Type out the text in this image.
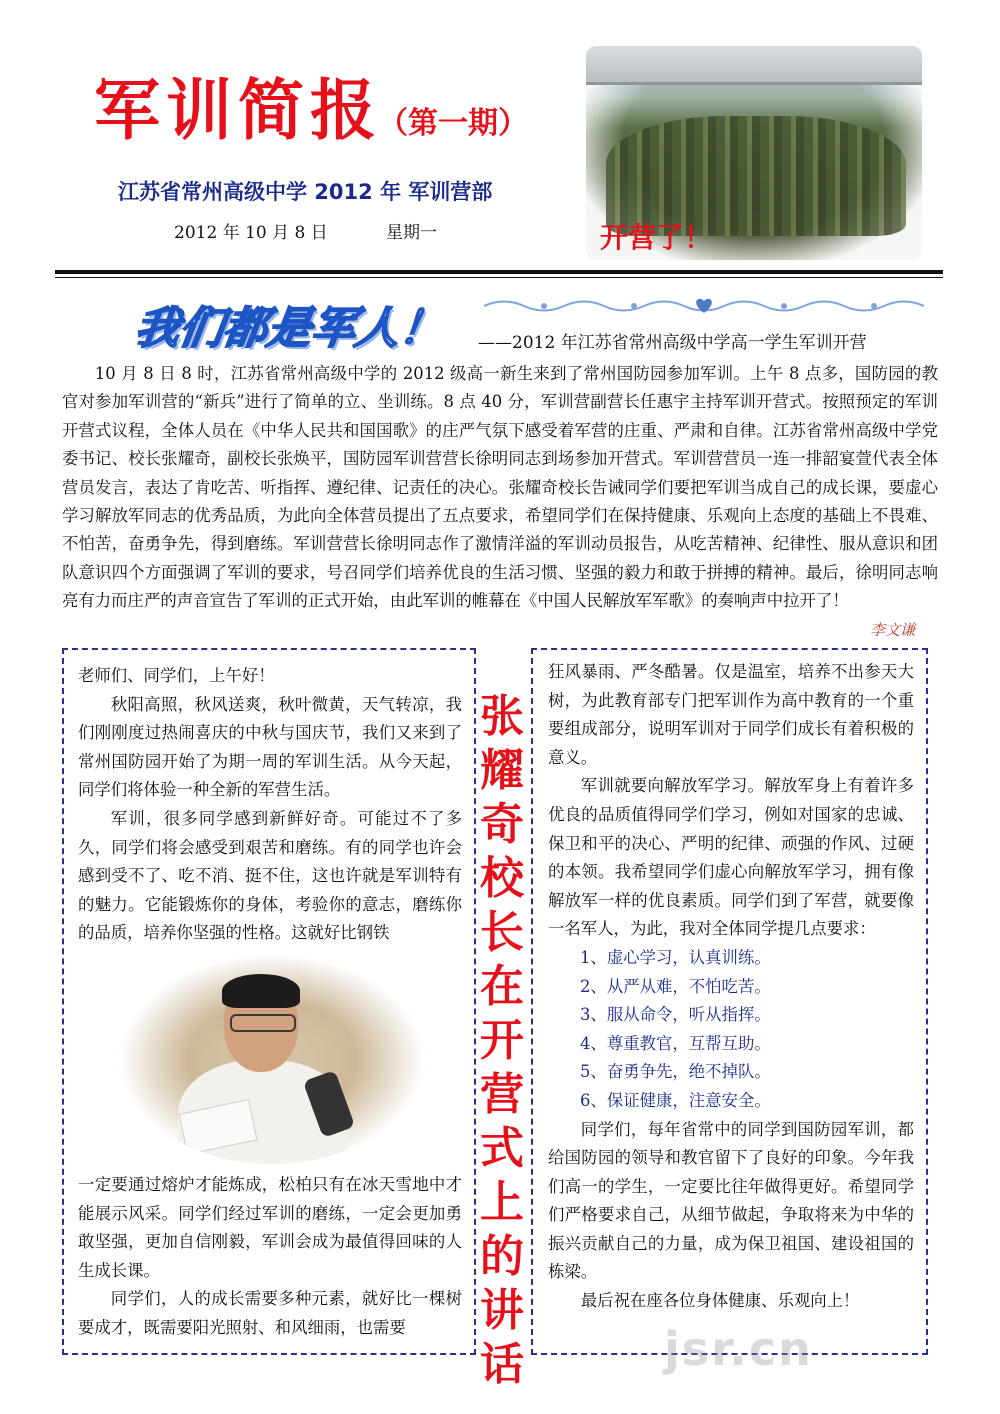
军训简报
（第一期）
江苏省常州高级中学 2012 年 军训营部
2012 年 10 月 8 日	星期一	开营了！
我们都是军人！ ——2012 年江苏省常州高级中学高一学生军训开营
10 月 8 日 8 时，江苏省常州高级中学的 2012 级高一新生来到了常州国防园参加军训。上午 8 点多，国防园的教官对参加军训营的“新兵”进行了简单的立、坐训练。8 点 40 分，军训营副营长任惠宇主持军训开营式。按照预定的军训开营式议程，全体人员在《中华人民共和国国歌》的庄严气氛下感受着军营的庄重、严肃和自律。江苏省常州高级中学党委书记、校长张耀奇，副校长张焕平，国防园军训营营长徐明同志到场参加开营式。军训营营员一连一排韶宴萱代表全体营员发言，表达了肯吃苦、听指挥、遵纪律、记责任的决心。张耀奇校长告诫同学们要把军训当成自己的成长课，要虚心学习解放军同志的优秀品质，为此向全体营员提出了五点要求，希望同学们在保持健康、乐观向上态度的基础上不畏难、不怕苦，奋勇争先，得到磨练。军训营营长徐明同志作了激情洋溢的军训动员报告，从吃苦精神、纪律性、服从意识和团队意识四个方面强调了军训的要求，号召同学们培养优良的生活习惯、坚强的毅力和敢于拼搏的精神。最后，徐明同志响亮有力而庄严的声音宣告了军训的正式开始，由此军训的帷幕在《中国人民解放军军歌》的奏响声中拉开了！
李文谦

老师们、同学们，上午好！

秋阳高照，秋风送爽，秋叶微黄，天气转凉，我们刚刚度过热闹喜庆的中秋与国庆节，我们又来到了常州国防园开始了为期一周的军训生活。从今天起，同学们将体验一种全新的军营生活。

军训，很多同学感到新鲜好奇。可能过不了多久，同学们将会感受到艰苦和磨练。有的同学也许会感到受不了、吃不消、挺不住，这也许就是军训特有的魅力。它能锻炼你的身体，考验你的意志，磨练你的品质，培养你坚强的性格。这就好比钢铁

一定要通过熔炉才能炼成，松柏只有在冰天雪地中才能展示风采。同学们经过军训的磨练，一定会更加勇敢坚强，更加自信刚毅，军训会成为最值得回味的人生成长课。

同学们，人的成长需要多种元素，就好比一棵树要成才，既需要阳光照射、和风细雨，也需要

张
耀
奇
校
长
在
开
营
式
上
的
讲
话

狂风暴雨、严冬酷暑。仅是温室，培养不出参天大树，为此教育部专门把军训作为高中教育的一个重要组成部分，说明军训对于同学们成长有着积极的意义。

军训就要向解放军学习。解放军身上有着许多优良的品质值得同学们学习，例如对国家的忠诚、保卫和平的决心、严明的纪律、顽强的作风、过硬的本领。我希望同学们虚心向解放军学习，拥有像解放军一样的优良素质。同学们到了军营，就要像一名军人，为此，我对全体同学提几点要求：

1、虚心学习，认真训练。

2、从严从难，不怕吃苦。

3、服从命令，听从指挥。

4、尊重教官，互帮互助。

5、奋勇争先，绝不掉队。

6、保证健康，注意安全。

同学们，每年省常中的同学到国防园军训，都给国防园的领导和教官留下了良好的印象。今年我们高一的学生，一定要比往年做得更好。希望同学们严格要求自己，从细节做起，争取将来为中华的振兴贡献自己的力量，成为保卫祖国、建设祖国的栋梁。

最后祝在座各位身体健康、乐观向上！

jsr.cn
